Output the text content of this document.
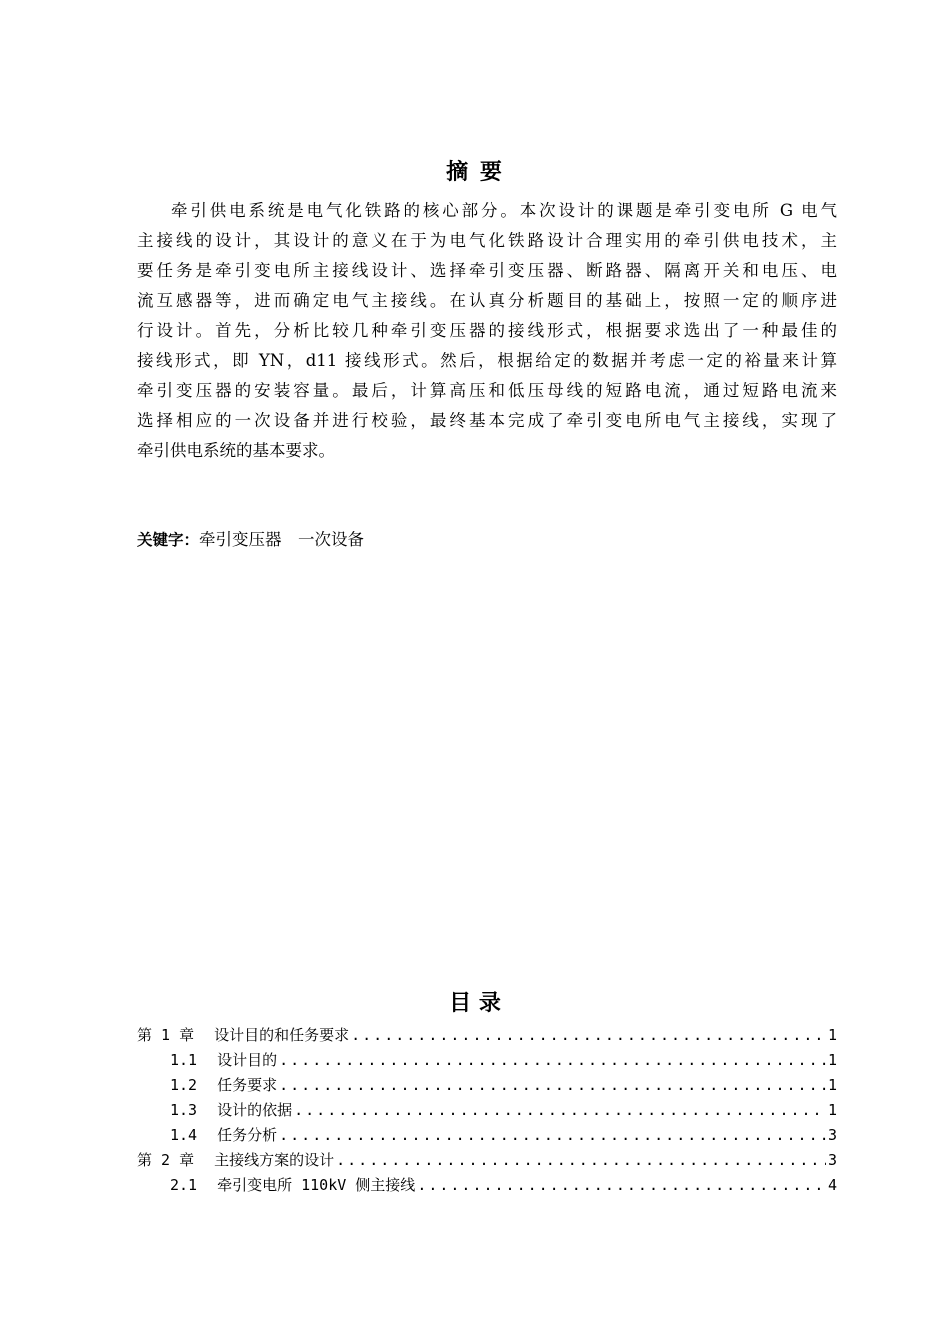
摘 要
牵引供电系统是电气化铁路的核心部分。本次设计的课题是牵引变电所 G 电气
主接线的设计，其设计的意义在于为电气化铁路设计合理实用的牵引供电技术，主
要任务是牵引变电所主接线设计、选择牵引变压器、断路器、隔离开关和电压、电
流互感器等，进而确定电气主接线。在认真分析题目的基础上，按照一定的顺序进
行设计。首先，分析比较几种牵引变压器的接线形式，根据要求选出了一种最佳的
接线形式，即 YN，d11 接线形式。然后，根据给定的数据并考虑一定的裕量来计算
牵引变压器的安装容量。最后，计算高压和低压母线的短路电流，通过短路电流来
选择相应的一次设备并进行校验，最终基本完成了牵引变电所电气主接线，实现了
牵引供电系统的基本要求。
关键字：牵引变压器　一次设备
目 录
第 1 章 设计目的和任务要求 .....	1
1.1 设计目的 .....	1
1.2 任务要求 .....	1
1.3 设计的依据 .....	1
1.4 任务分析 .....	3
第 2 章 主接线方案的设计 .....	3
2.1 牵引变电所 110kV 侧主接线 .....	4
